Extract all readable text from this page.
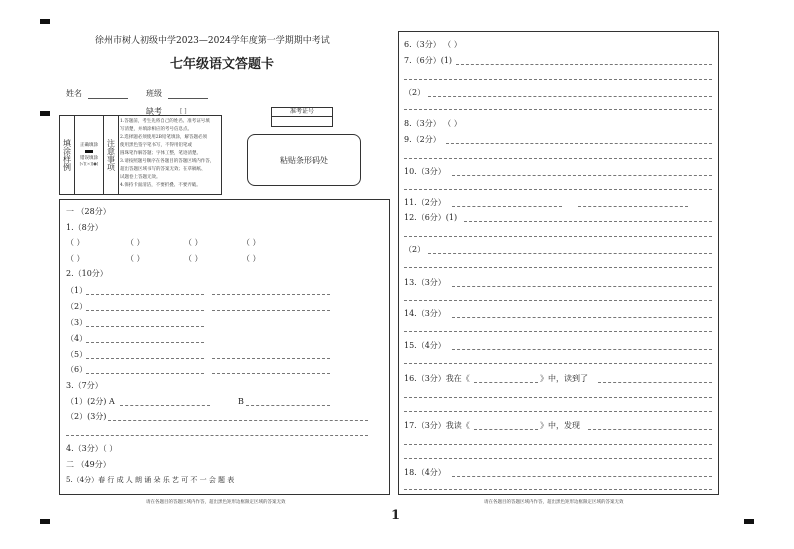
徐州市树人初级中学2023—2024学年度第一学期期中考试
七年级语文答题卡
姓名	班级
缺考	[ ]	准考证号
粘贴条形码处
填涂样例	正确填涂
错误填涂
[√][×][●]	注意事项
1.答题前，考生先将自己的姓名、准考证号填
写清楚，并填涂相应的考号信息点。
2.选择题必须使用2B铅笔填涂，解答题必须
使用黑色签字笔书写，不得用铅笔或
圆珠笔作解答题；字体工整，笔迹清楚。
3.请按照题号顺序在各题目的答题区域内作答，
超出答题区域书写的答案无效；在草稿纸、
试题卷上答题无效。
4.保持卡面清洁，不要折叠、不要弄破。
一 （28分）
1.（8分）
（ ）	（ ）	（ ）	（ ）
（ ）	（ ）	（ ）	（ ）
2.（10分）
（1）
（2）
（3）
（4）
（5）
（6）
3.（7分）
（1）(2分) A	B
（2）(3分)
4.（3分）（ ）
二 （49分）
5.（4分）春 行 成 人 朗 诵 朵 乐 艺 可 不 一 会 题 表
6.（3分） （ ）
7.（6分）(1)
（2）
8.（3分） （ ）
9.（2分）
10.（3分）
11.（2分）
12.（6分）(1)
（2）
13.（3分）
14.（3分）
15.（4分）
16.（3分）我在《	》中，读到了
17.（3分）我读《	》中，发现
18.（4分）
请在各题目的答题区域内作答，超出黑色矩形边框限定区域的答案无效	请在各题目的答题区域内作答，超出黑色矩形边框限定区域的答案无效
1
